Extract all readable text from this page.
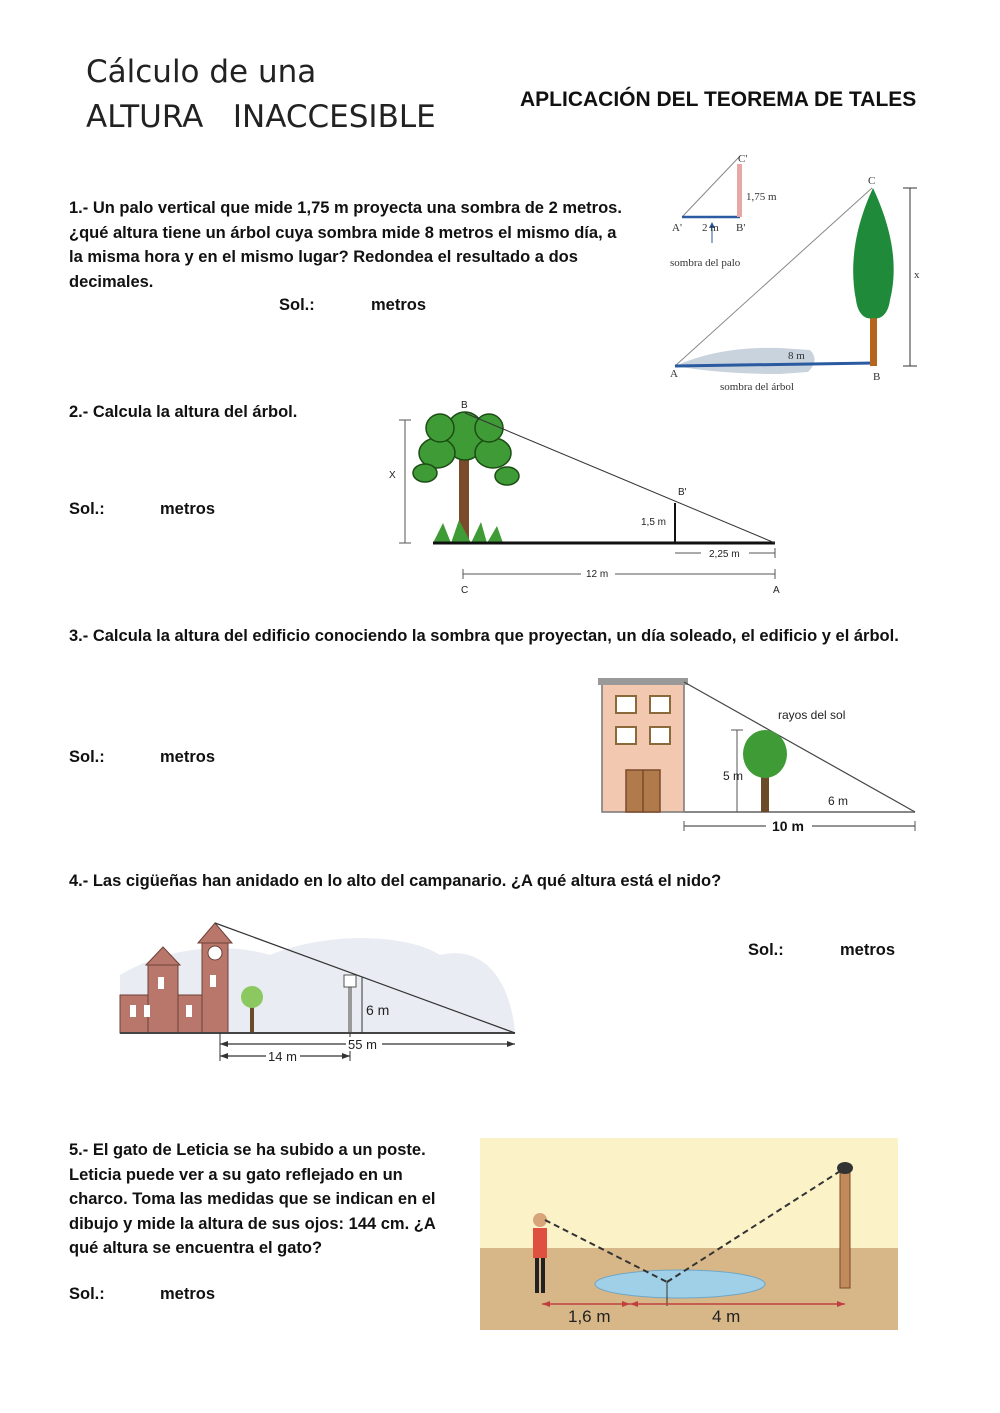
Cálculo de una
ALTURA   INACCESIBLE	APLICACIÓN DEL TEOREMA DE TALES
1.- Un palo vertical que mide 1,75 m proyecta una sombra de 2 metros. ¿qué altura tiene un árbol cuya sombra mide 8 metros el mismo día, a la misma hora y en el mismo lugar? Redondea el resultado a dos decimales.
Sol.:	metros
C'
1,75 m
A' 2 m B'
sombra del palo
C
x
8 m
A	B
sombra del árbol
2.- Calcula la altura del árbol.
Sol.:	metros
B
X
B'
1,5 m
2,25 m
12 m
C	A
3.- Calcula la altura del edificio conociendo la sombra que proyectan, un día soleado, el edificio y el árbol.
Sol.:	metros
rayos del sol
5 m
6 m
10 m
4.- Las cigüeñas han anidado en lo alto del campanario. ¿A qué altura está el nido?
Sol.:	metros
6 m
55 m
14 m
5.- El gato de Leticia se ha subido a un poste. Leticia puede ver a su gato reflejado en un charco. Toma las medidas que se indican en el dibujo y mide la altura de sus ojos: 144 cm. ¿A qué altura se encuentra el gato?
Sol.:	metros
1,6 m	4 m
